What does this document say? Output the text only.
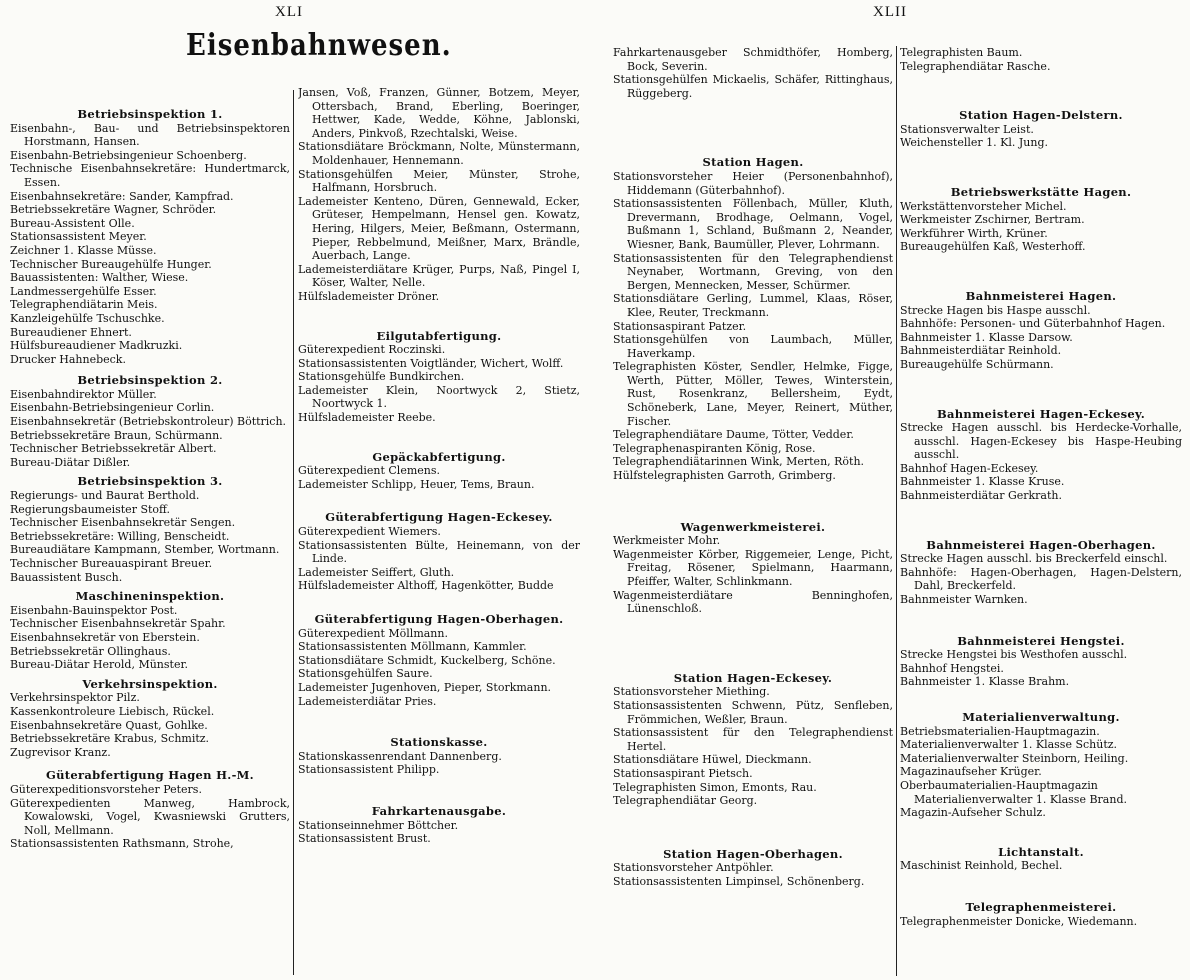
XLI	XLII
Eisenbahnwesen.
Betriebsinspektion 1.
Eisenbahn-, Bau- und Betriebsinspektoren Horstmann, Hansen.
Eisenbahn-Betriebsingenieur Schoenberg.
Technische Eisenbahnsekretäre: Hundertmarck, Essen.
Eisenbahnsekretäre: Sander, Kampfrad.
Betriebssekretäre Wagner, Schröder.
Bureau-Assistent Olle.
Stationsassistent Meyer.
Zeichner 1. Klasse Müsse.
Technischer Bureaugehülfe Hunger.
Bauassistenten: Walther, Wiese.
Landmessergehülfe Esser.
Telegraphendiätarin Meis.
Kanzleigehülfe Tschuschke.
Bureaudiener Ehnert.
Hülfsbureaudiener Madkruzki.
Drucker Hahnebeck.
Betriebsinspektion 2.
Eisenbahndirektor Müller.
Eisenbahn-Betriebsingenieur Corlin.
Eisenbahnsekretär (Betriebskontroleur) Böttrich.
Betriebssekretäre Braun, Schürmann.
Technischer Betriebssekretär Albert.
Bureau-Diätar Dißler.
Betriebsinspektion 3.
Regierungs- und Baurat Berthold.
Regierungsbaumeister Stoff.
Technischer Eisenbahnsekretär Sengen.
Betriebssekretäre: Willing, Benscheidt.
Bureaudiätare Kampmann, Stember, Wortmann.
Technischer Bureauaspirant Breuer.
Bauassistent Busch.
Maschineninspektion.
Eisenbahn-Bauinspektor Post.
Technischer Eisenbahnsekretär Spahr.
Eisenbahnsekretär von Eberstein.
Betriebssekretär Ollinghaus.
Bureau-Diätar Herold, Münster.
Verkehrsinspektion.
Verkehrsinspektor Pilz.
Kassenkontroleure Liebisch, Rückel.
Eisenbahnsekretäre Quast, Gohlke.
Betriebssekretäre Krabus, Schmitz.
Zugrevisor Kranz.
Güterabfertigung Hagen H.-M.
Güterexpeditionsvorsteher Peters.
Güterexpedienten Manweg, Hambrock, Kowalowski, Vogel, Kwasniewski Grutters, Noll, Mellmann.
Stationsassistenten Rathsmann, Strohe,
Jansen, Voß, Franzen, Günner, Botzem, Meyer, Ottersbach, Brand, Eberling, Boeringer, Hettwer, Kade, Wedde, Köhne, Jablonski, Anders, Pinkvoß, Rzechtalski, Weise.
Stationsdiätare Bröckmann, Nolte, Münstermann, Moldenhauer, Hennemann.
Stationsgehülfen Meier, Münster, Strohe, Halfmann, Horsbruch.
Lademeister Kenteno, Düren, Gennewald, Ecker, Grüteser, Hempelmann, Hensel gen. Kowatz, Hering, Hilgers, Meier, Beßmann, Ostermann, Pieper, Rebbelmund, Meißner, Marx, Brändle, Auerbach, Lange.
Lademeisterdiätare Krüger, Purps, Naß, Pingel I, Köser, Walter, Nelle.
Hülfslademeister Dröner.
Eilgutabfertigung.
Güterexpedient Roczinski.
Stationsassistenten Voigtländer, Wichert, Wolff.
Stationsgehülfe Bundkirchen.
Lademeister Klein, Noortwyck 2, Stietz, Noortwyck 1.
Hülfslademeister Reebe.
Gepäckabfertigung.
Güterexpedient Clemens.
Lademeister Schlipp, Heuer, Tems, Braun.
Güterabfertigung Hagen-Eckesey.
Güterexpedient Wiemers.
Stationsassistenten Bülte, Heinemann, von der Linde.
Lademeister Seiffert, Gluth.
Hülfslademeister Althoff, Hagenkötter, Budde
Güterabfertigung Hagen-Oberhagen.
Güterexpedient Möllmann.
Stationsassistenten Möllmann, Kammler.
Stationsdiätare Schmidt, Kuckelberg, Schöne.
Stationsgehülfen Saure.
Lademeister Jugenhoven, Pieper, Storkmann.
Lademeisterdiätar Pries.
Stationskasse.
Stationskassenrendant Dannenberg.
Stationsassistent Philipp.
Fahrkartenausgabe.
Stationseinnehmer Böttcher.
Stationsassistent Brust.
Fahrkartenausgeber Schmidthöfer, Homberg, Bock, Severin.
Stationsgehülfen Mickaelis, Schäfer, Rittinghaus, Rüggeberg.
Station Hagen.
Stationsvorsteher Heier (Personenbahnhof), Hiddemann (Güterbahnhof).
Stationsassistenten Föllenbach, Müller, Kluth, Drevermann, Brodhage, Oelmann, Vogel, Bußmann 1, Schland, Bußmann 2, Neander, Wiesner, Bank, Baumüller, Plever, Lohrmann.
Stationsassistenten für den Telegraphendienst Neynaber, Wortmann, Greving, von den Bergen, Mennecken, Messer, Schürmer.
Stationsdiätare Gerling, Lummel, Klaas, Röser, Klee, Reuter, Treckmann.
Stationsaspirant Patzer.
Stationsgehülfen von Laumbach, Müller, Haverkamp.
Telegraphisten Köster, Sendler, Helmke, Figge, Werth, Pütter, Möller, Tewes, Winterstein, Rust, Rosenkranz, Bellersheim, Eydt, Schöneberk, Lane, Meyer, Reinert, Müther, Fischer.
Telegraphendiätare Daume, Tötter, Vedder.
Telegraphenaspiranten König, Rose.
Telegraphendiätarinnen Wink, Merten, Röth.
Hülfstelegraphisten Garroth, Grimberg.
Wagenwerkmeisterei.
Werkmeister Mohr.
Wagenmeister Körber, Riggemeier, Lenge, Picht, Freitag, Rösener, Spielmann, Haarmann, Pfeiffer, Walter, Schlinkmann.
Wagenmeisterdiätare Benninghofen, Lünenschloß.
Station Hagen-Eckesey.
Stationsvorsteher Miething.
Stationsassistenten Schwenn, Pütz, Senfleben, Frömmichen, Weßler, Braun.
Stationsassistent für den Telegraphendienst Hertel.
Stationsdiätare Hüwel, Dieckmann.
Stationsaspirant Pietsch.
Telegraphisten Simon, Emonts, Rau.
Telegraphendiätar Georg.
Station Hagen-Oberhagen.
Stationsvorsteher Antpöhler.
Stationsassistenten Limpinsel, Schönenberg.
Telegraphisten Baum.
Telegraphendiätar Rasche.
Station Hagen-Delstern.
Stationsverwalter Leist.
Weichensteller 1. Kl. Jung.
Betriebswerkstätte Hagen.
Werkstättenvorsteher Michel.
Werkmeister Zschirner, Bertram.
Werkführer Wirth, Krüner.
Bureaugehülfen Kaß, Westerhoff.
Bahnmeisterei Hagen.
Strecke Hagen bis Haspe ausschl.
Bahnhöfe: Personen- und Güterbahnhof Hagen.
Bahnmeister 1. Klasse Darsow.
Bahnmeisterdiätar Reinhold.
Bureaugehülfe Schürmann.
Bahnmeisterei Hagen-Eckesey.
Strecke Hagen ausschl. bis Herdecke-Vorhalle, ausschl. Hagen-Eckesey bis Haspe-Heubing ausschl.
Bahnhof Hagen-Eckesey.
Bahnmeister 1. Klasse Kruse.
Bahnmeisterdiätar Gerkrath.
Bahnmeisterei Hagen-Oberhagen.
Strecke Hagen ausschl. bis Breckerfeld einschl.
Bahnhöfe: Hagen-Oberhagen, Hagen-Delstern, Dahl, Breckerfeld.
Bahnmeister Warnken.
Bahnmeisterei Hengstei.
Strecke Hengstei bis Westhofen ausschl.
Bahnhof Hengstei.
Bahnmeister 1. Klasse Brahm.
Materialienverwaltung.
Betriebsmaterialien-Hauptmagazin.
Materialienverwalter 1. Klasse Schütz.
Materialienverwalter Steinborn, Heiling.
Magazinaufseher Krüger.
Oberbaumaterialien-Hauptmagazin Materialienverwalter 1. Klasse Brand.
Magazin-Aufseher Schulz.
Lichtanstalt.
Maschinist Reinhold, Bechel.
Telegraphenmeisterei.
Telegraphenmeister Donicke, Wiedemann.
